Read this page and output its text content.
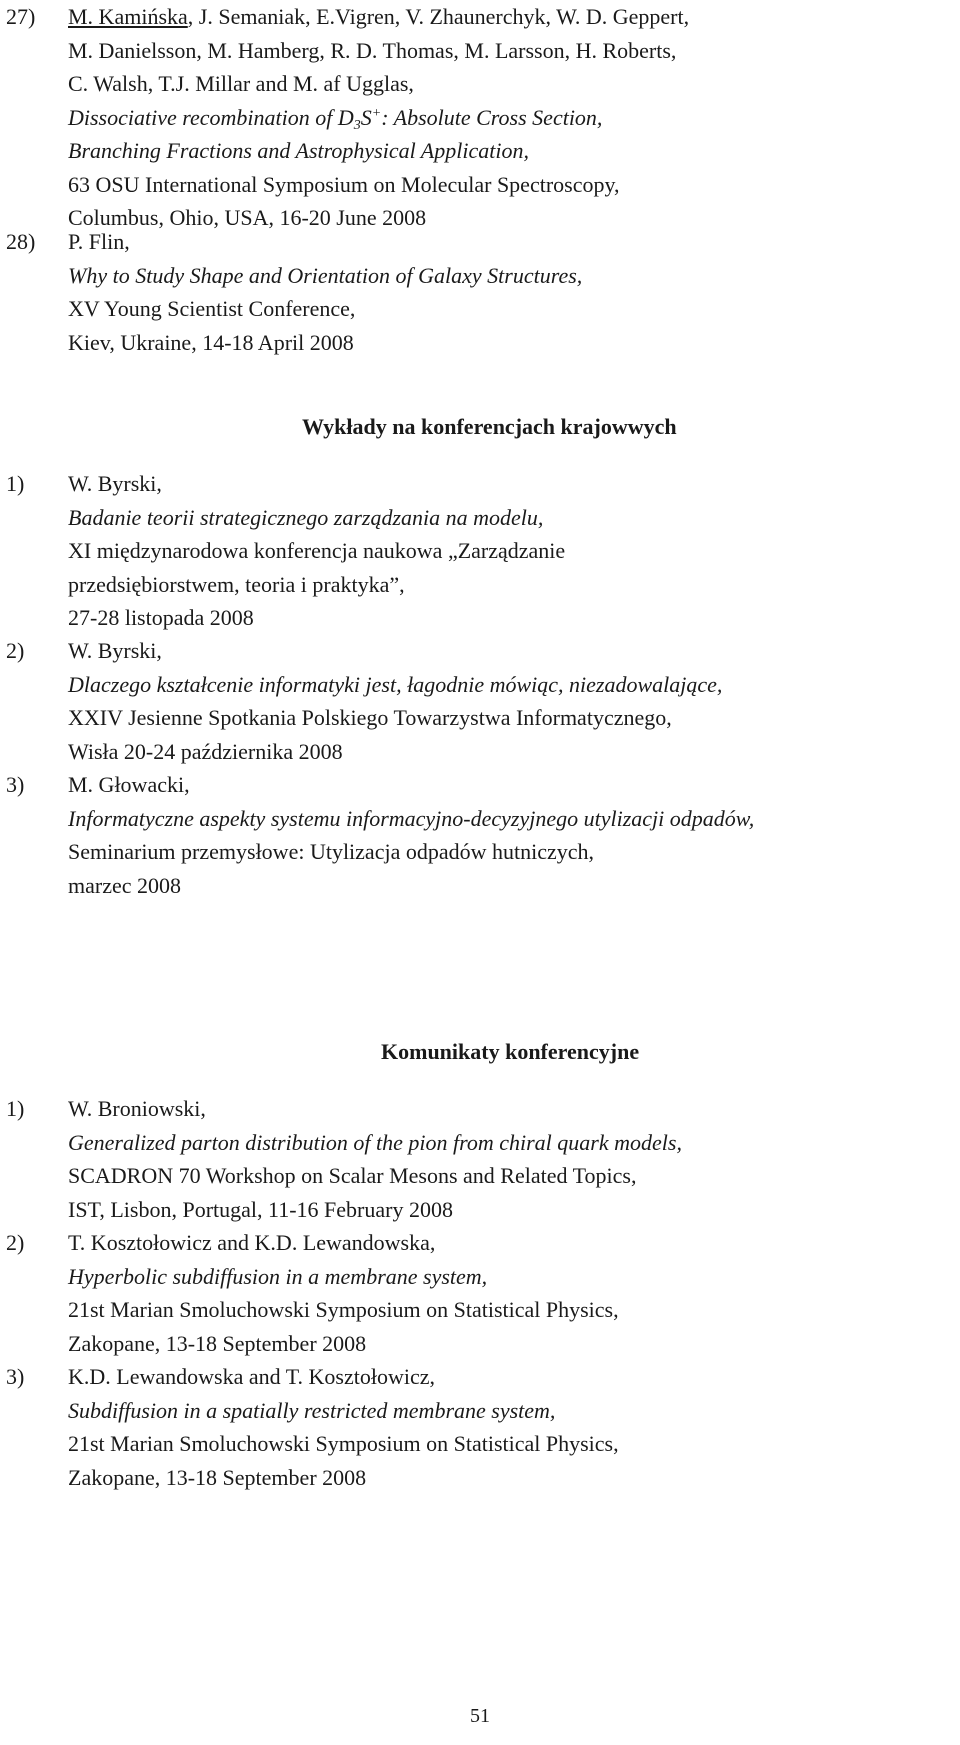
27) M. Kamińska, J. Semaniak, E.Vigren, V. Zhaunerchyk, W. D. Geppert,
M. Danielsson, M. Hamberg, R. D. Thomas, M. Larsson, H. Roberts,
C. Walsh, T.J. Millar and M. af Ugglas,
Dissociative recombination of $D_3S^+$: Absolute Cross Section,
Branching Fractions and Astrophysical Application,
63 OSU International Symposium on Molecular Spectroscopy,
Columbus, Ohio, USA, 16-20 June 2008
28) P. Flin,
Why to Study Shape and Orientation of Galaxy Structures,
XV Young Scientist Conference,
Kiev, Ukraine, 14-18 April 2008
Wykłady na konferencjach krajowwych
1) W. Byrski,
Badanie teorii strategicznego zarządzania na modelu,
XI międzynarodowa konferencja naukowa „Zarządzanie
przedsiębiorstwem, teoria i praktyka”,
27-28 listopada 2008
2) W. Byrski,
Dlaczego kształcenie informatyki jest, łagodnie mówiąc, niezadowalające,
XXIV Jesienne Spotkania Polskiego Towarzystwa Informatycznego,
Wisła 20-24 października 2008
3) M. Głowacki,
Informatyczne aspekty systemu informacyjno-decyzyjnego utylizacji odpadów,
Seminarium przemysłowe: Utylizacja odpadów hutniczych,
marzec 2008
Komunikaty konferencyjne
1) W. Broniowski,
Generalized parton distribution of the pion from chiral quark models,
SCADRON 70 Workshop on Scalar Mesons and Related Topics,
IST, Lisbon, Portugal, 11-16 February 2008
2) T. Kosztołowicz and K.D. Lewandowska,
Hyperbolic subdiffusion in a membrane system,
21st Marian Smoluchowski Symposium on Statistical Physics,
Zakopane, 13-18 September 2008
3) K.D. Lewandowska and T. Kosztołowicz,
Subdiffusion in a spatially restricted membrane system,
21st Marian Smoluchowski Symposium on Statistical Physics,
Zakopane, 13-18 September 2008
51
